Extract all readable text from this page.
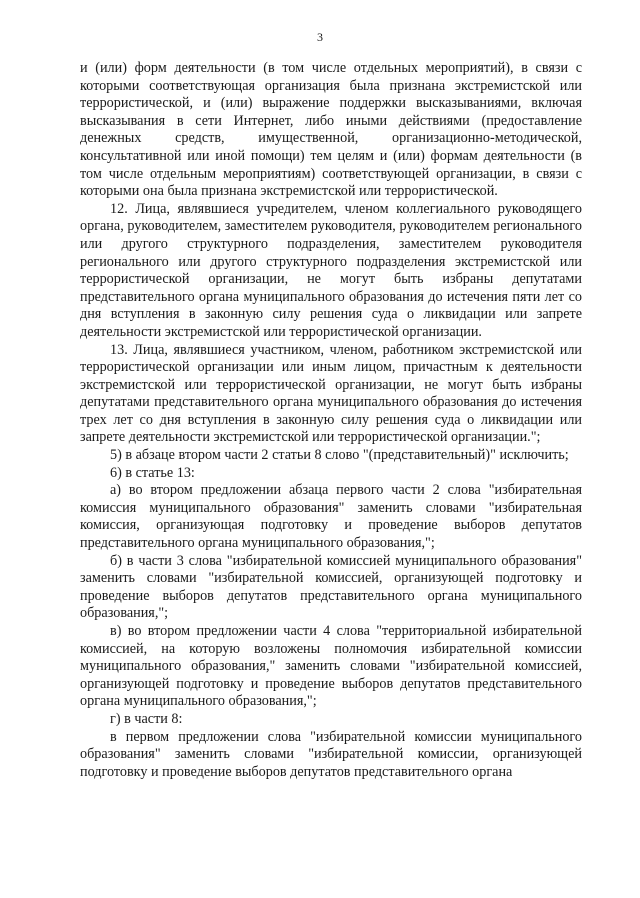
3

и (или) форм деятельности (в том числе отдельных мероприятий), в связи с которыми соответствующая организация была признана экстремистской или террористической, и (или) выражение поддержки высказываниями, включая высказывания в сети Интернет, либо иными действиями (предоставление денежных средств, имущественной, организационно-методической, консультативной или иной помощи) тем целям и (или) формам деятельности (в том числе отдельным мероприятиям) соответствующей организации, в связи с которыми она была признана экстремистской или террористической.

12. Лица, являвшиеся учредителем, членом коллегиального руководящего органа, руководителем, заместителем руководителя, руководителем регионального или другого структурного подразделения, заместителем руководителя регионального или другого структурного подразделения экстремистской или террористической организации, не могут быть избраны депутатами представительного органа муниципального образования до истечения пяти лет со дня вступления в законную силу решения суда о ликвидации или запрете деятельности экстремистской или террористической организации.

13. Лица, являвшиеся участником, членом, работником экстремистской или террористической организации или иным лицом, причастным к деятельности экстремистской или террористической организации, не могут быть избраны депутатами представительного органа муниципального образования до истечения трех лет со дня вступления в законную силу решения суда о ликвидации или запрете деятельности экстремистской или террористической организации.";

5) в абзаце втором части 2 статьи 8 слово "(представительный)" исключить;

6) в статье 13:

а) во втором предложении абзаца первого части 2 слова "избирательная комиссия муниципального образования" заменить словами "избирательная комиссия, организующая подготовку и проведение выборов депутатов представительного органа муниципального образования,";

б) в части 3 слова "избирательной комиссией муниципального образования" заменить словами "избирательной комиссией, организующей подготовку и проведение выборов депутатов представительного органа муниципального образования,";

в) во втором предложении части 4 слова "территориальной избирательной комиссией, на которую возложены полномочия избирательной комиссии муниципального образования," заменить словами "избирательной комиссией, организующей подготовку и проведение выборов депутатов представительного органа муниципального образования,";

г) в части 8:

в первом предложении слова "избирательной комиссии муниципального образования" заменить словами "избирательной комиссии, организующей подготовку и проведение выборов депутатов представительного органа
